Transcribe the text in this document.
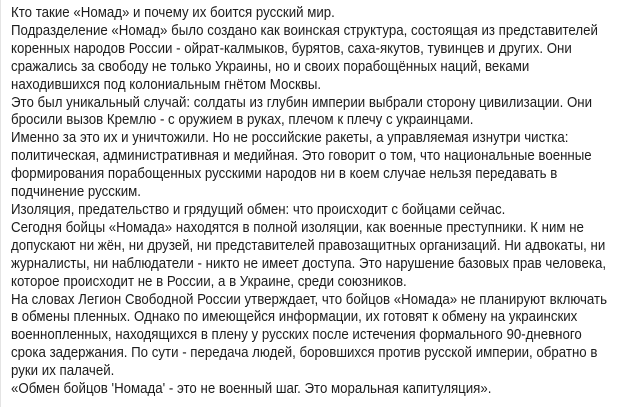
Кто такие «Номад» и почему их боится русский мир.
Подразделение «Номад» было создано как воинская структура, состоящая из представителей
коренных народов России - ойрат-калмыков, бурятов, саха-якутов, тувинцев и других. Они
сражались за свободу не только Украины, но и своих порабощённых наций, веками
находившихся под колониальным гнётом Москвы.
Это был уникальный случай: солдаты из глубин империи выбрали сторону цивилизации. Они
бросили вызов Кремлю - с оружием в руках, плечом к плечу с украинцами.
Именно за это их и уничтожили. Но не российские ракеты, а управляемая изнутри чистка:
политическая, административная и медийная. Это говорит о том, что национальные военные
формирования порабощенных русскими народов ни в коем случае нельзя передавать в
подчинение русским.
Изоляция, предательство и грядущий обмен: что происходит с бойцами сейчас.
Сегодня бойцы «Номада» находятся в полной изоляции, как военные преступники. К ним не
допускают ни жён, ни друзей, ни представителей правозащитных организаций. Ни адвокаты, ни
журналисты, ни наблюдатели - никто не имеет доступа. Это нарушение базовых прав человека,
которое происходит не в России, а в Украине, среди союзников.
На словах Легион Свободной России утверждает, что бойцов «Номада» не планируют включать
в обмены пленных. Однако по имеющейся информации, их готовят к обмену на украинских
военнопленных, находящихся в плену у русских после истечения формального 90-дневного
срока задержания. По сути - передача людей, боровшихся против русской империи, обратно в
руки их палачей.
«Обмен бойцов 'Номада' - это не военный шаг. Это моральная капитуляция».
